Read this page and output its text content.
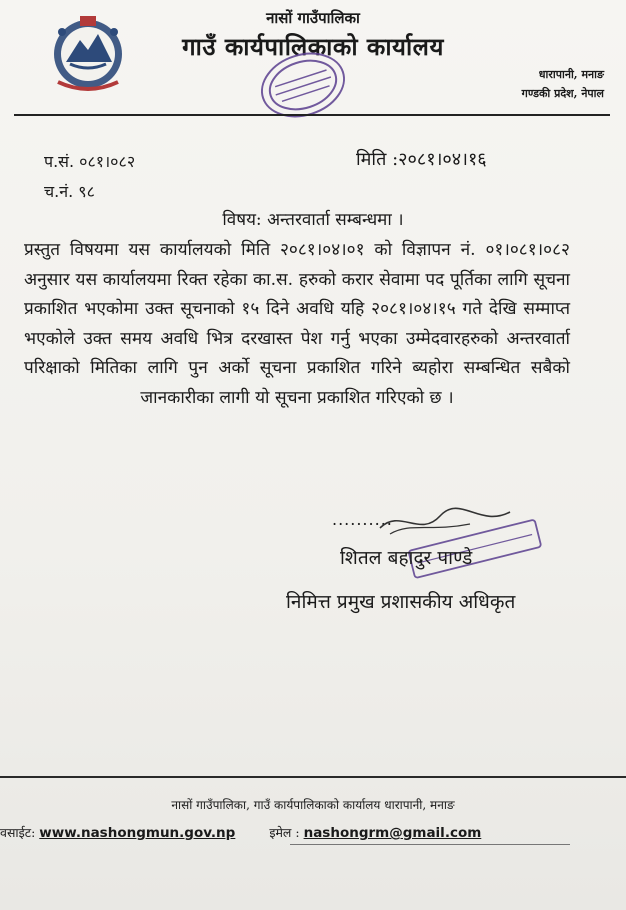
नासों गाउँपालिका
गाउँ कार्यपालिकाको कार्यालय
धारापानी, मनाङ
गण्डकी प्रदेश, नेपाल
प.सं. ०८१।०८२
च.नं. ९८
मिति :२०८१।०४।१६
विषय: अन्तरवार्ता सम्बन्धमा ।
प्रस्तुत विषयमा यस कार्यालयको मिति २०८१।०४।०१ को विज्ञापन नं. ०१।०८१।०८२ अनुसार यस कार्यालयमा रिक्त रहेका का.स. हरुको करार सेवामा पद पूर्तिका लागि सूचना प्रकाशित भएकोमा उक्त सूचनाको १५ दिने अवधि यहि २०८१।०४।१५ गते देखि सम्माप्त भएकोले उक्त समय अवधि भित्र दरखास्त पेश गर्नु भएका उम्मेदवारहरुको अन्तरवार्ता परिक्षाको मितिका लागि पुन अर्को सूचना प्रकाशित गरिने ब्यहोरा सम्बन्धित सबैको जानकारीका लागी यो सूचना प्रकाशित गरिएको छ ।
..........
शितल बहादुर पाण्डे
निमित्त प्रमुख प्रशासकीय अधिकृत
नासों गाउँपालिका, गाउँ कार्यपालिकाको कार्यालय धारापानी, मनाङ
वसाईट: www.nashongmun.gov.np	इमेल : nashongrm@gmail.com
